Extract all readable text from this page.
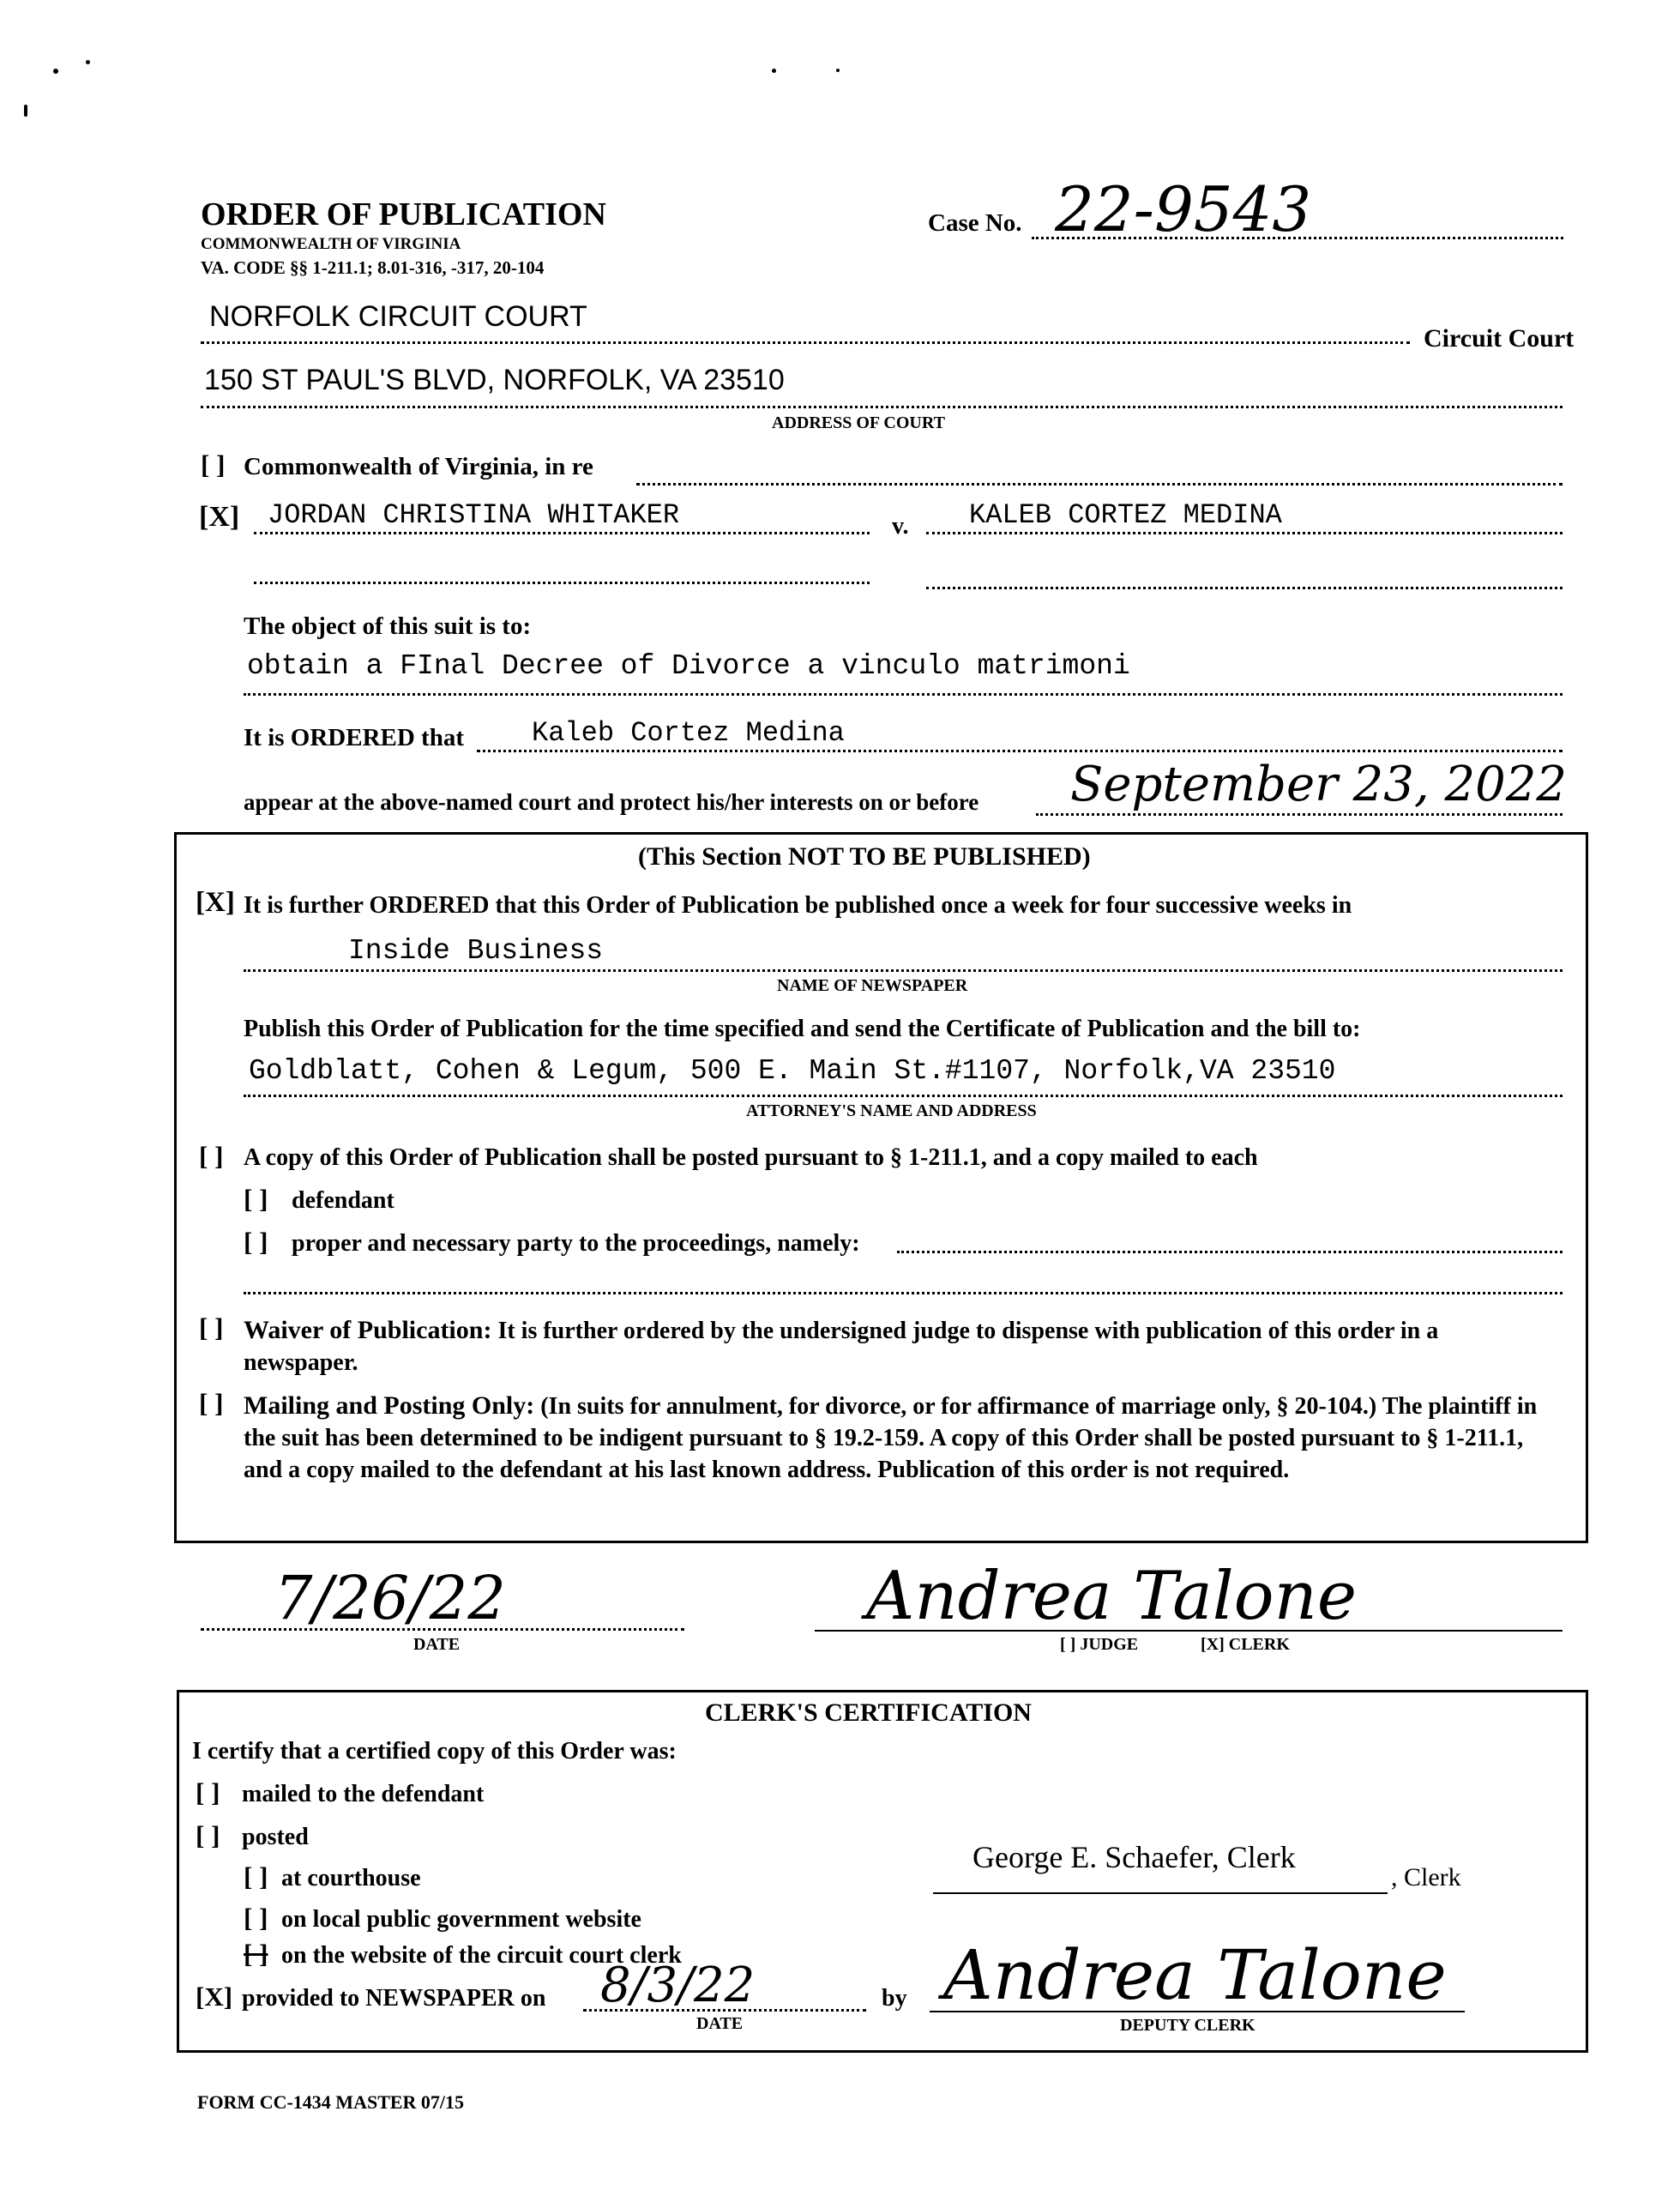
ORDER OF PUBLICATION
COMMONWEALTH OF VIRGINIA
VA. CODE §§ 1-211.1; 8.01-316, -317, 20-104
Case No. 22-9543
NORFOLK CIRCUIT COURT
Circuit Court
150 ST PAUL'S BLVD, NORFOLK, VA 23510
ADDRESS OF COURT
[ ] Commonwealth of Virginia, in re
[X] JORDAN CHRISTINA WHITAKER	v. KALEB CORTEZ MEDINA
The object of this suit is to:
obtain a FInal Decree of Divorce a vinculo matrimoni
It is ORDERED that Kaleb Cortez Medina
appear at the above-named court and protect his/her interests on or before September 23, 2022
(This Section NOT TO BE PUBLISHED)
[X] It is further ORDERED that this Order of Publication be published once a week for four successive weeks in
Inside Business
NAME OF NEWSPAPER
Publish this Order of Publication for the time specified and send the Certificate of Publication and the bill to:
Goldblatt, Cohen & Legum, 500 E. Main St.#1107, Norfolk,VA 23510
ATTORNEY'S NAME AND ADDRESS
[ ] A copy of this Order of Publication shall be posted pursuant to § 1-211.1, and a copy mailed to each
[ ] defendant
[ ] proper and necessary party to the proceedings, namely:
[ ] Waiver of Publication: It is further ordered by the undersigned judge to dispense with publication of this order in a newspaper.
[ ] Mailing and Posting Only: (In suits for annulment, for divorce, or for affirmance of marriage only, § 20-104.) The plaintiff in the suit has been determined to be indigent pursuant to § 19.2-159. A copy of this Order shall be posted pursuant to § 1-211.1, and a copy mailed to the defendant at his last known address. Publication of this order is not required.
7/26/22
DATE
Andrea Talone
[ ] JUDGE	[X] CLERK
CLERK'S CERTIFICATION
I certify that a certified copy of this Order was:
[ ] mailed to the defendant
[ ] posted
[ ] at courthouse
[ ] on local public government website
[ ] on the website of the circuit court clerk
[X] provided to NEWSPAPER on 8/3/22
DATE
by Andrea Talone
DEPUTY CLERK
George E. Schaefer, Clerk
, Clerk
FORM CC-1434 MASTER 07/15
